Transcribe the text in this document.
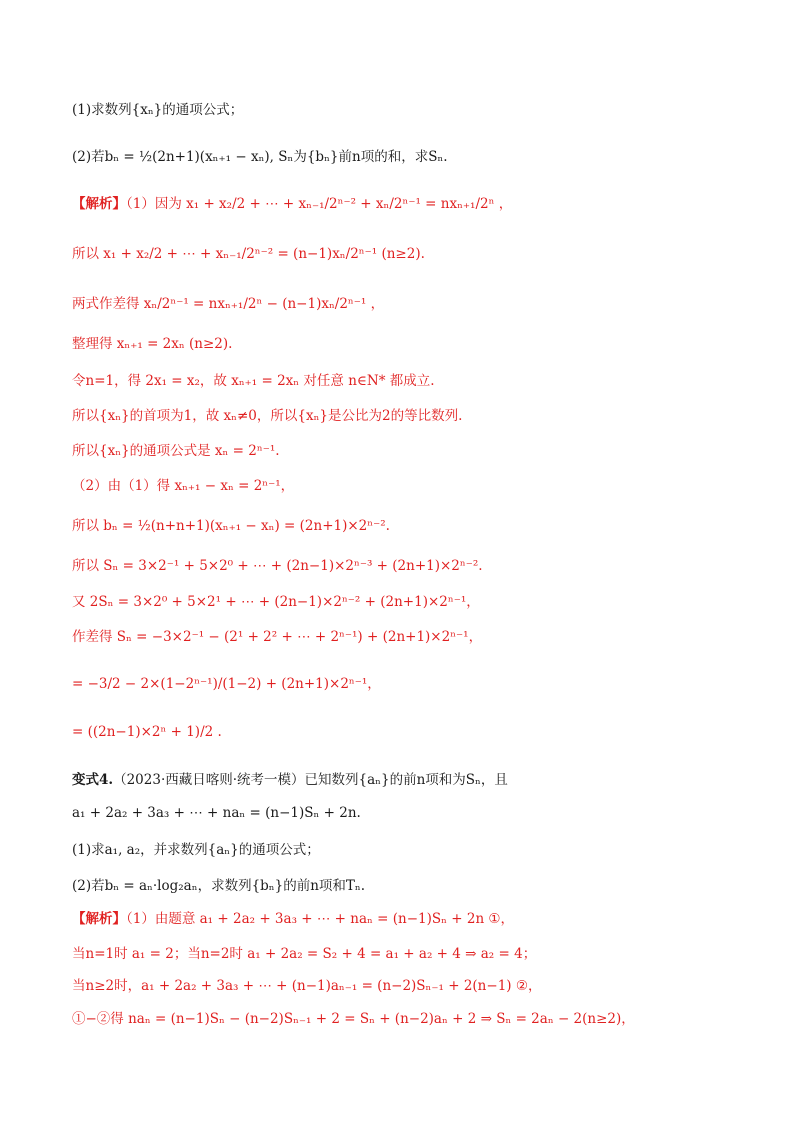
(1)求数列{xₙ}的通项公式；
(2)若bₙ = ½(2n+1)(xₙ₊₁ − xₙ), Sₙ为{bₙ}前n项的和，求Sₙ.
【解析】（1）因为 x₁ + x₂/2 + ⋯ + xₙ₋₁/2ⁿ⁻² + xₙ/2ⁿ⁻¹ = nxₙ₊₁/2ⁿ ，
所以 x₁ + x₂/2 + ⋯ + xₙ₋₁/2ⁿ⁻² = (n−1)xₙ/2ⁿ⁻¹ (n≥2).
两式作差得 xₙ/2ⁿ⁻¹ = nxₙ₊₁/2ⁿ − (n−1)xₙ/2ⁿ⁻¹ ，
整理得 xₙ₊₁ = 2xₙ (n≥2).
令n=1，得 2x₁ = x₂，故 xₙ₊₁ = 2xₙ 对任意 n∈N* 都成立.
所以{xₙ}的首项为1，故 xₙ≠0，所以{xₙ}是公比为2的等比数列.
所以{xₙ}的通项公式是 xₙ = 2ⁿ⁻¹.
（2）由（1）得 xₙ₊₁ − xₙ = 2ⁿ⁻¹，
所以 bₙ = ½(n+n+1)(xₙ₊₁ − xₙ) = (2n+1)×2ⁿ⁻².
所以 Sₙ = 3×2⁻¹ + 5×2⁰ + ⋯ + (2n−1)×2ⁿ⁻³ + (2n+1)×2ⁿ⁻².
又 2Sₙ = 3×2⁰ + 5×2¹ + ⋯ + (2n−1)×2ⁿ⁻² + (2n+1)×2ⁿ⁻¹，
作差得 Sₙ = −3×2⁻¹ − (2¹ + 2² + ⋯ + 2ⁿ⁻¹) + (2n+1)×2ⁿ⁻¹，
= −3/2 − 2×(1−2ⁿ⁻¹)/(1−2) + (2n+1)×2ⁿ⁻¹，
= ((2n−1)×2ⁿ + 1)/2 .
变式4.（2023·西藏日喀则·统考一模）已知数列{aₙ}的前n项和为Sₙ，且
a₁ + 2a₂ + 3a₃ + ⋯ + naₙ = (n−1)Sₙ + 2n.
(1)求a₁, a₂，并求数列{aₙ}的通项公式；
(2)若bₙ = aₙ·log₂aₙ，求数列{bₙ}的前n项和Tₙ.
【解析】（1）由题意 a₁ + 2a₂ + 3a₃ + ⋯ + naₙ = (n−1)Sₙ + 2n ①，
当n=1时 a₁ = 2；当n=2时 a₁ + 2a₂ = S₂ + 4 = a₁ + a₂ + 4 ⇒ a₂ = 4；
当n≥2时，a₁ + 2a₂ + 3a₃ + ⋯ + (n−1)aₙ₋₁ = (n−2)Sₙ₋₁ + 2(n−1) ②，
①−②得 naₙ = (n−1)Sₙ − (n−2)Sₙ₋₁ + 2 = Sₙ + (n−2)aₙ + 2 ⇒ Sₙ = 2aₙ − 2(n≥2)，
